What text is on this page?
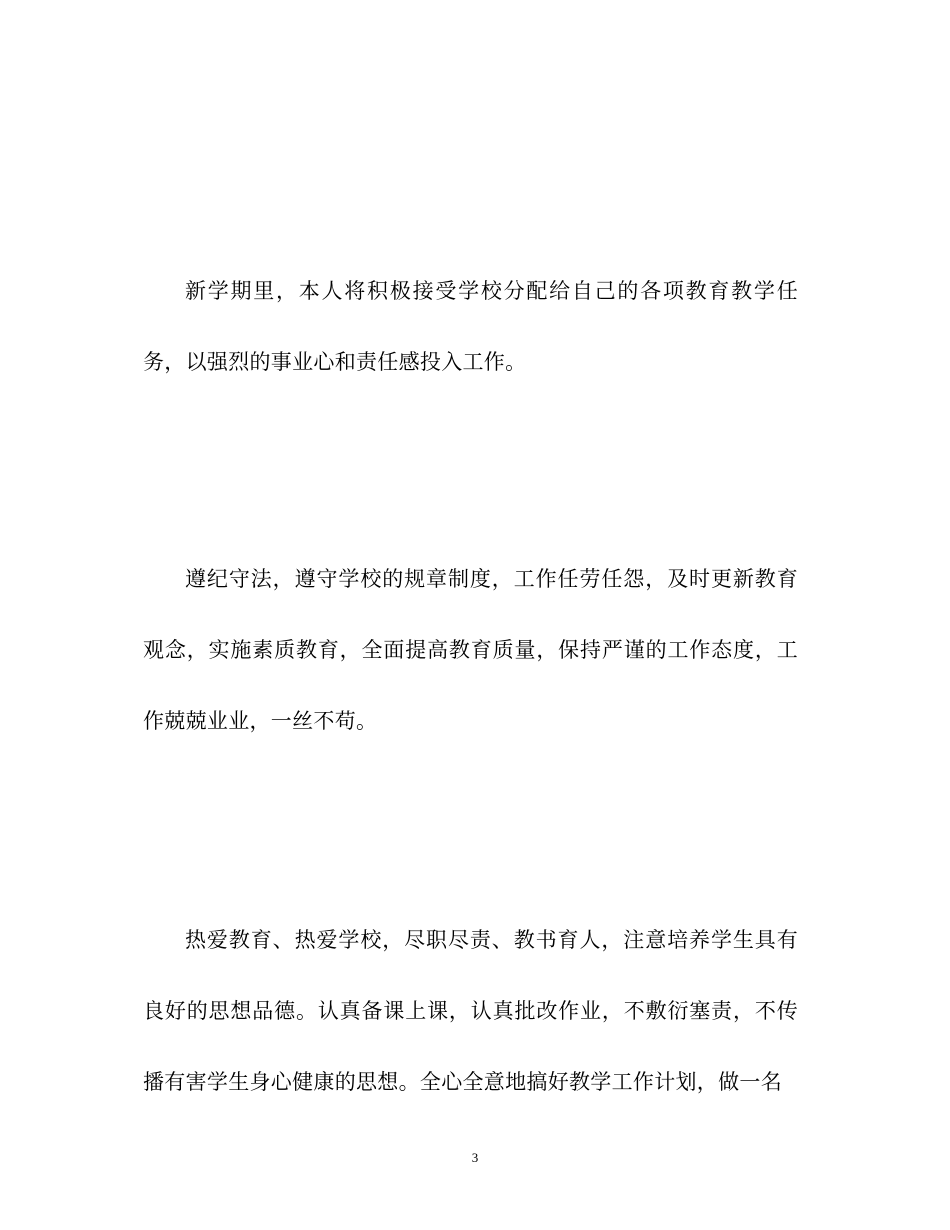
新学期里，本人将积极接受学校分配给自己的各项教育教学任务，以强烈的事业心和责任感投入工作。

遵纪守法，遵守学校的规章制度，工作任劳任怨，及时更新教育观念，实施素质教育，全面提高教育质量，保持严谨的工作态度，工作兢兢业业，一丝不苟。

热爱教育、热爱学校，尽职尽责、教书育人，注意培养学生具有良好的思想品德。认真备课上课，认真批改作业，不敷衍塞责，不传播有害学生身心健康的思想。全心全意地搞好教学工作计划，做一名

3
